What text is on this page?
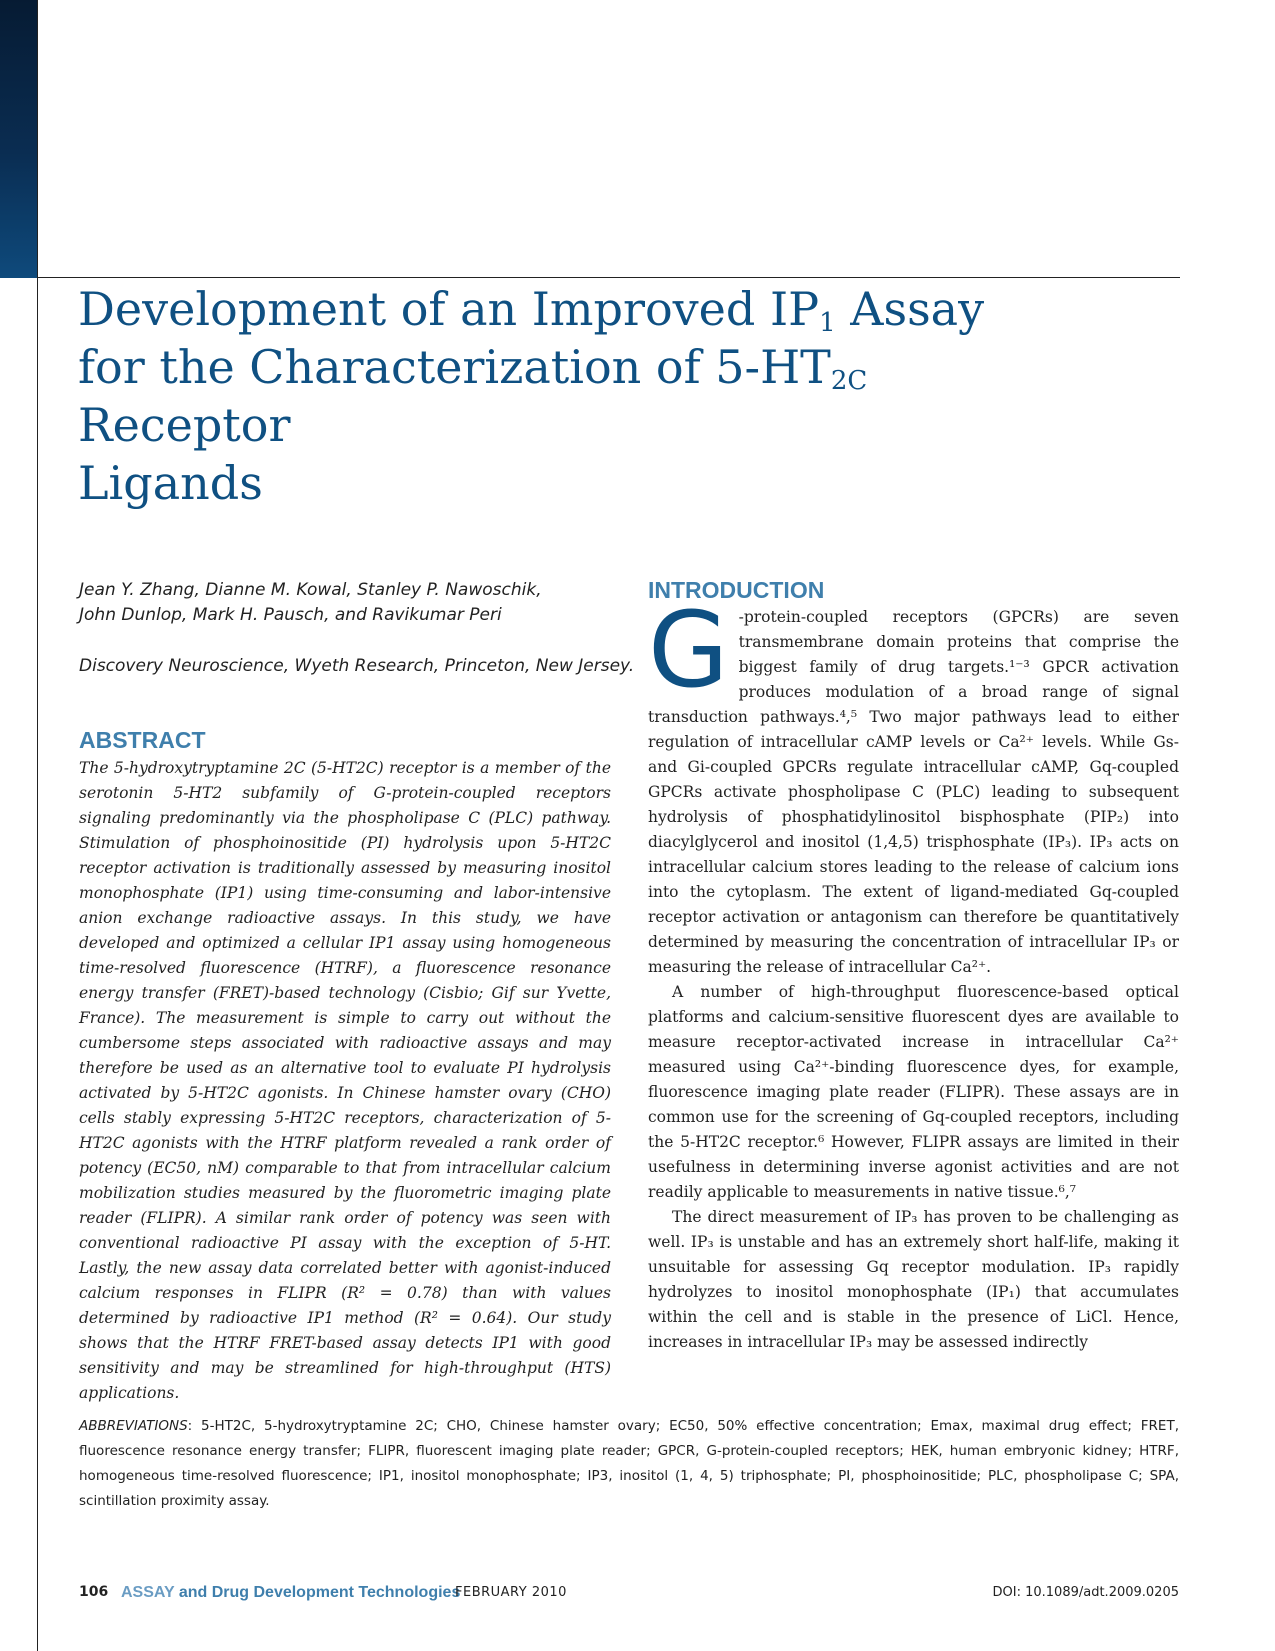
Development of an Improved $IP_1$ Assay
for the Characterization of $5-HT_{2C}$ Receptor
Ligands

Jean Y. Zhang, Dianne M. Kowal, Stanley P. Nawoschik,
John Dunlop, Mark H. Pausch, and Ravikumar Peri

Discovery Neuroscience, Wyeth Research, Princeton, New Jersey.

ABSTRACT

The 5-hydroxytryptamine 2C (5-HT2C) receptor is a member of the serotonin 5-HT2 subfamily of G-protein-coupled receptors signaling predominantly via the phospholipase C (PLC) pathway. Stimulation of phosphoinositide (PI) hydrolysis upon 5-HT2C receptor activation is traditionally assessed by measuring inositol monophosphate (IP1) using time-consuming and labor-intensive anion exchange radioactive assays. In this study, we have developed and optimized a cellular IP1 assay using homogeneous time-resolved fluorescence (HTRF), a fluorescence resonance energy transfer (FRET)-based technology (Cisbio; Gif sur Yvette, France). The measurement is simple to carry out without the cumbersome steps associated with radioactive assays and may therefore be used as an alternative tool to evaluate PI hydrolysis activated by 5-HT2C agonists. In Chinese hamster ovary (CHO) cells stably expressing 5-HT2C receptors, characterization of 5-HT2C agonists with the HTRF platform revealed a rank order of potency (EC50, nM) comparable to that from intracellular calcium mobilization studies measured by the fluorometric imaging plate reader (FLIPR). A similar rank order of potency was seen with conventional radioactive PI assay with the exception of 5-HT. Lastly, the new assay data correlated better with agonist-induced calcium responses in FLIPR (R² = 0.78) than with values determined by radioactive IP1 method (R² = 0.64). Our study shows that the HTRF FRET-based assay detects IP1 with good sensitivity and may be streamlined for high-throughput (HTS) applications.

INTRODUCTION

G -protein-coupled receptors (GPCRs) are seven transmembrane domain proteins that comprise the biggest family of drug targets.¹⁻³ GPCR activation produces modulation of a broad range of signal transduction pathways.⁴,⁵ Two major pathways lead to either regulation of intracellular cAMP levels or Ca²⁺ levels. While Gs- and Gi-coupled GPCRs regulate intracellular cAMP, Gq-coupled GPCRs activate phospholipase C (PLC) leading to subsequent hydrolysis of phosphatidylinositol bisphosphate (PIP₂) into diacylglycerol and inositol (1,4,5) trisphosphate (IP₃). IP₃ acts on intracellular calcium stores leading to the release of calcium ions into the cytoplasm. The extent of ligand-mediated Gq-coupled receptor activation or antagonism can therefore be quantitatively determined by measuring the concentration of intracellular IP₃ or measuring the release of intracellular Ca²⁺.

A number of high-throughput fluorescence-based optical platforms and calcium-sensitive fluorescent dyes are available to measure receptor-activated increase in intracellular Ca²⁺ measured using Ca²⁺-binding fluorescence dyes, for example, fluorescence imaging plate reader (FLIPR). These assays are in common use for the screening of Gq-coupled receptors, including the 5-HT2C receptor.⁶ However, FLIPR assays are limited in their usefulness in determining inverse agonist activities and are not readily applicable to measurements in native tissue.⁶,⁷

The direct measurement of IP₃ has proven to be challenging as well. IP₃ is unstable and has an extremely short half-life, making it unsuitable for assessing Gq receptor modulation. IP₃ rapidly hydrolyzes to inositol monophosphate (IP₁) that accumulates within the cell and is stable in the presence of LiCl. Hence, increases in intracellular IP₃ may be assessed indirectly

ABBREVIATIONS: 5-HT2C, 5-hydroxytryptamine 2C; CHO, Chinese hamster ovary; EC50, 50% effective concentration; Emax, maximal drug effect; FRET, fluorescence resonance energy transfer; FLIPR, fluorescent imaging plate reader; GPCR, G-protein-coupled receptors; HEK, human embryonic kidney; HTRF, homogeneous time-resolved fluorescence; IP1, inositol monophosphate; IP3, inositol (1, 4, 5) triphosphate; PI, phosphoinositide; PLC, phospholipase C; SPA, scintillation proximity assay.

106 ASSAY and Drug Development Technologies
FEBRUARY 2010	DOI: 10.1089/adt.2009.0205
